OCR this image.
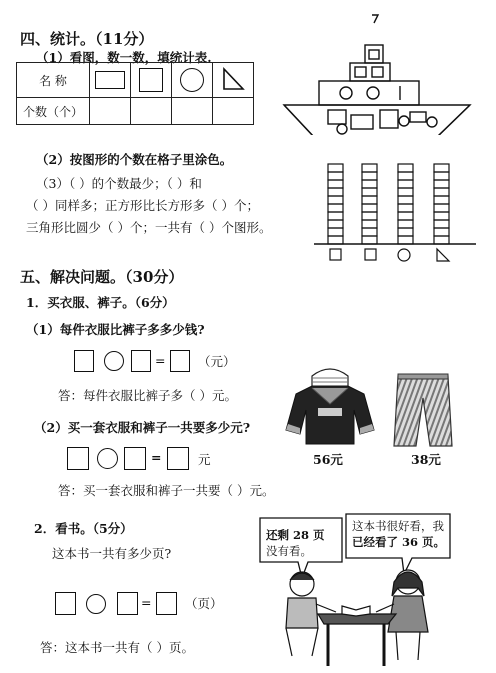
四、统计。（11分）
（1）看图，数一数，填统计表.
名 称	

个数（个）				
（2）按图形的个数在格子里涂色。
（3）（ ）的个数最少；（ ）和
（ ）同样多；正方形比长方形多（ ）个；
三角形比圆少（ ）个；一共有（ ）个图形。
五、解决问题。（30分）
1．买衣服、裤子。（6分）
（1）每件衣服比裤子多多少钱?
=	（元）
答：每件衣服比裤子多（ ）元。
（2）买一套衣服和裤子一共要多少元?
=	元
答：买一套衣服和裤子一共要（ ）元。
56元	38元
2．看书。（5分）
这本书一共有多少页?
=	（页）
答：这本书一共有（ ）页。
还剩 28 页
没有看。
这本书很好看，我
已经看了 36 页。
